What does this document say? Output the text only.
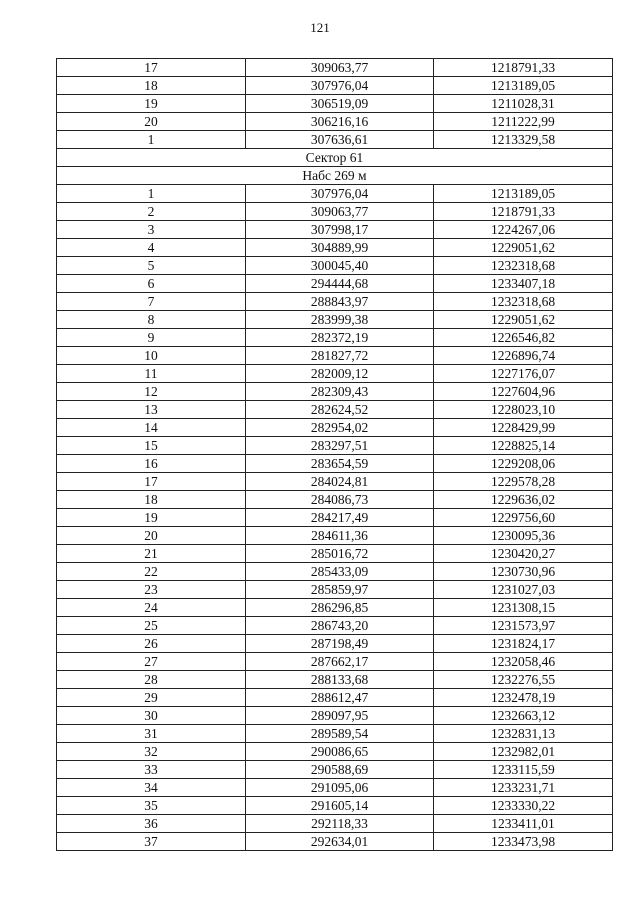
121
17	309063,77	1218791,33
18	307976,04	1213189,05
19	306519,09	1211028,31
20	306216,16	1211222,99
1	307636,61	1213329,58
Сектор 61		
Набс 269 м		
1	307976,04	1213189,05
2	309063,77	1218791,33
3	307998,17	1224267,06
4	304889,99	1229051,62
5	300045,40	1232318,68
6	294444,68	1233407,18
7	288843,97	1232318,68
8	283999,38	1229051,62
9	282372,19	1226546,82
10	281827,72	1226896,74
11	282009,12	1227176,07
12	282309,43	1227604,96
13	282624,52	1228023,10
14	282954,02	1228429,99
15	283297,51	1228825,14
16	283654,59	1229208,06
17	284024,81	1229578,28
18	284086,73	1229636,02
19	284217,49	1229756,60
20	284611,36	1230095,36
21	285016,72	1230420,27
22	285433,09	1230730,96
23	285859,97	1231027,03
24	286296,85	1231308,15
25	286743,20	1231573,97
26	287198,49	1231824,17
27	287662,17	1232058,46
28	288133,68	1232276,55
29	288612,47	1232478,19
30	289097,95	1232663,12
31	289589,54	1232831,13
32	290086,65	1232982,01
33	290588,69	1233115,59
34	291095,06	1233231,71
35	291605,14	1233330,22
36	292118,33	1233411,01
37	292634,01	1233473,98
